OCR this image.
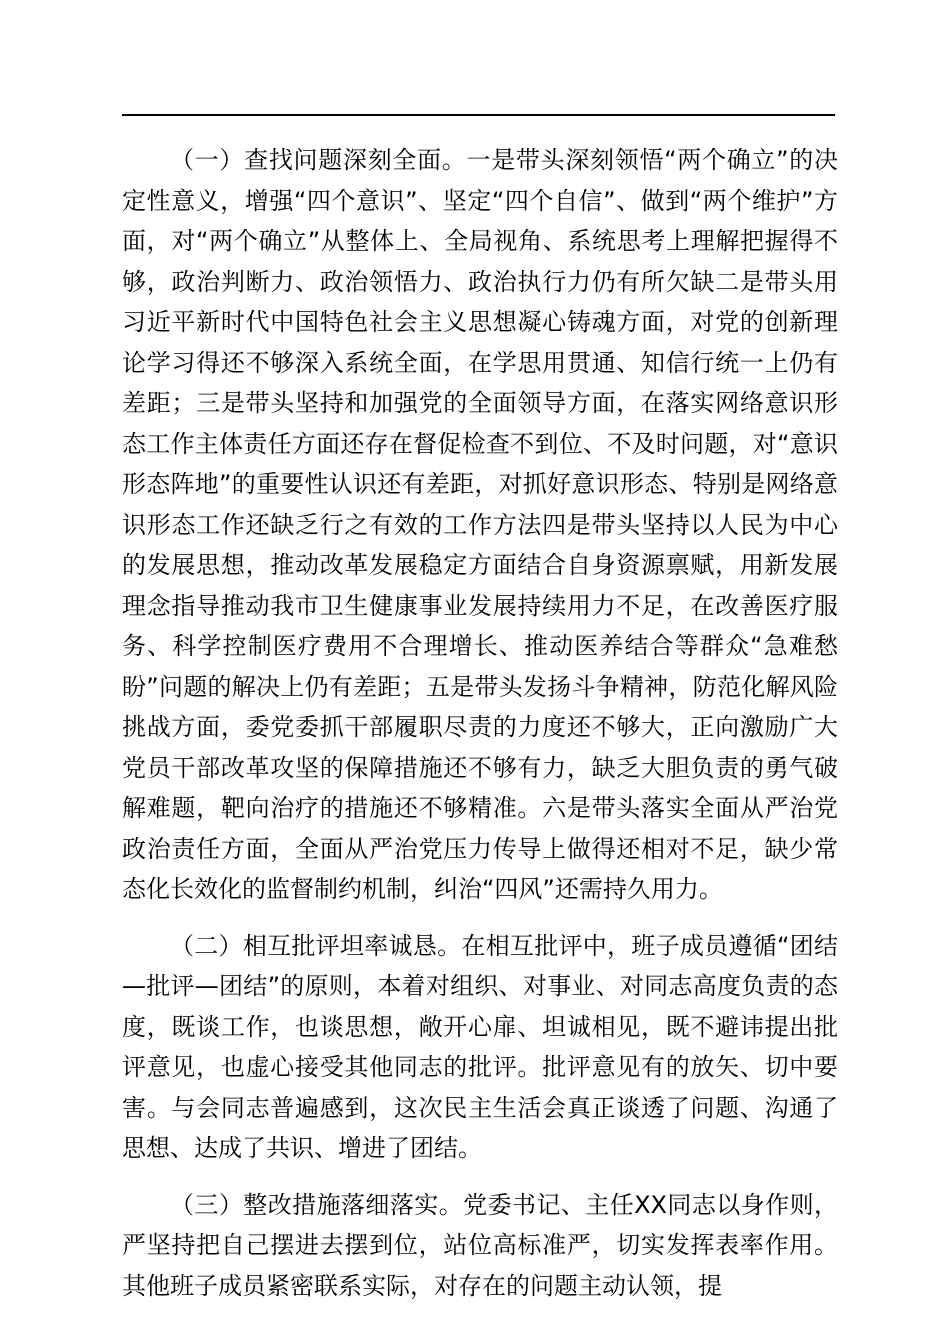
（一）查找问题深刻全面。一是带头深刻领悟“两个确立”的决定性意义，增强“四个意识”、坚定“四个自信”、做到“两个维护”方面，对“两个确立”从整体上、全局视角、系统思考上理解把握得不够，政治判断力、政治领悟力、政治执行力仍有所欠缺二是带头用习近平新时代中国特色社会主义思想凝心铸魂方面，对党的创新理论学习得还不够深入系统全面，在学思用贯通、知信行统一上仍有差距；三是带头坚持和加强党的全面领导方面，在落实网络意识形态工作主体责任方面还存在督促检查不到位、不及时问题，对“意识形态阵地”的重要性认识还有差距，对抓好意识形态、特别是网络意识形态工作还缺乏行之有效的工作方法四是带头坚持以人民为中心的发展思想，推动改革发展稳定方面结合自身资源禀赋，用新发展理念指导推动我市卫生健康事业发展持续用力不足，在改善医疗服务、科学控制医疗费用不合理增长、推动医养结合等群众“急难愁盼”问题的解决上仍有差距；五是带头发扬斗争精神，防范化解风险挑战方面，委党委抓干部履职尽责的力度还不够大，正向激励广大党员干部改革攻坚的保障措施还不够有力，缺乏大胆负责的勇气破解难题，靶向治疗的措施还不够精准。六是带头落实全面从严治党政治责任方面，全面从严治党压力传导上做得还相对不足，缺少常态化长效化的监督制约机制，纠治“四风”还需持久用力。

（二）相互批评坦率诚恳。在相互批评中，班子成员遵循“团结—批评—团结”的原则，本着对组织、对事业、对同志高度负责的态度，既谈工作，也谈思想，敞开心扉、坦诚相见，既不避讳提出批评意见，也虚心接受其他同志的批评。批评意见有的放矢、切中要害。与会同志普遍感到，这次民主生活会真正谈透了问题、沟通了思想、达成了共识、增进了团结。

（三）整改措施落细落实。党委书记、主任XX同志以身作则，严坚持把自己摆进去摆到位，站位高标准严，切实发挥表率作用。其他班子成员紧密联系实际，对存在的问题主动认领，提
